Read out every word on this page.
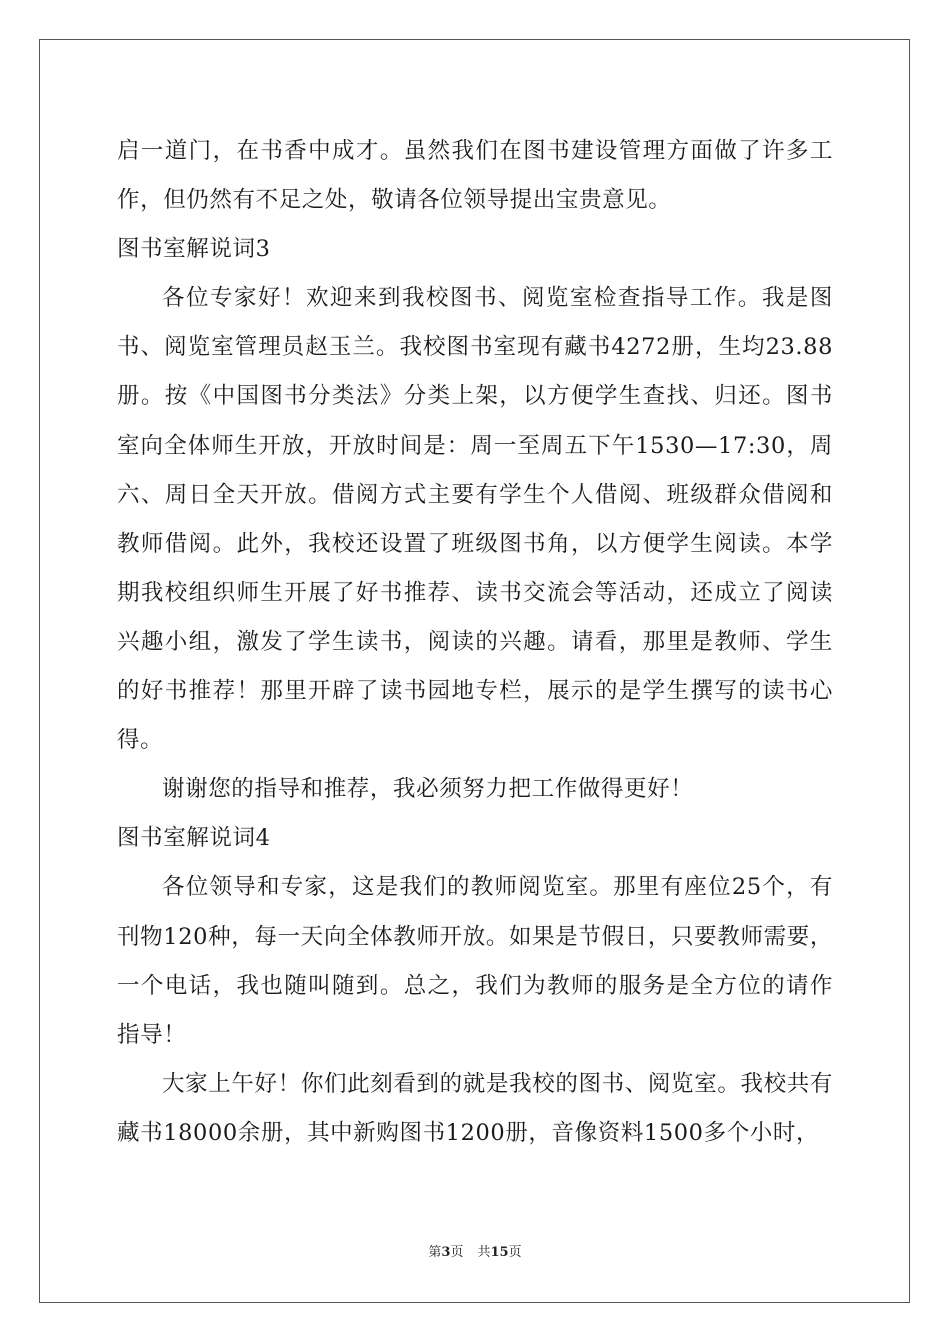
启一道门，在书香中成才。虽然我们在图书建设管理方面做了许多工作，但仍然有不足之处，敬请各位领导提出宝贵意见。

图书室解说词3

各位专家好！欢迎来到我校图书、阅览室检查指导工作。我是图书、阅览室管理员赵玉兰。我校图书室现有藏书4272册，生均23.88册。按《中国图书分类法》分类上架，以方便学生查找、归还。图书室向全体师生开放，开放时间是：周一至周五下午1530—17:30，周六、周日全天开放。借阅方式主要有学生个人借阅、班级群众借阅和教师借阅。此外，我校还设置了班级图书角，以方便学生阅读。本学期我校组织师生开展了好书推荐、读书交流会等活动，还成立了阅读兴趣小组，激发了学生读书，阅读的兴趣。请看，那里是教师、学生的好书推荐！那里开辟了读书园地专栏，展示的是学生撰写的读书心得。

谢谢您的指导和推荐，我必须努力把工作做得更好！

图书室解说词4

各位领导和专家，这是我们的教师阅览室。那里有座位25个，有刊物120种，每一天向全体教师开放。如果是节假日，只要教师需要，一个电话，我也随叫随到。总之，我们为教师的服务是全方位的请作指导！

大家上午好！你们此刻看到的就是我校的图书、阅览室。我校共有藏书18000余册，其中新购图书1200册，音像资料1500多个小时，

第3页 共15页
